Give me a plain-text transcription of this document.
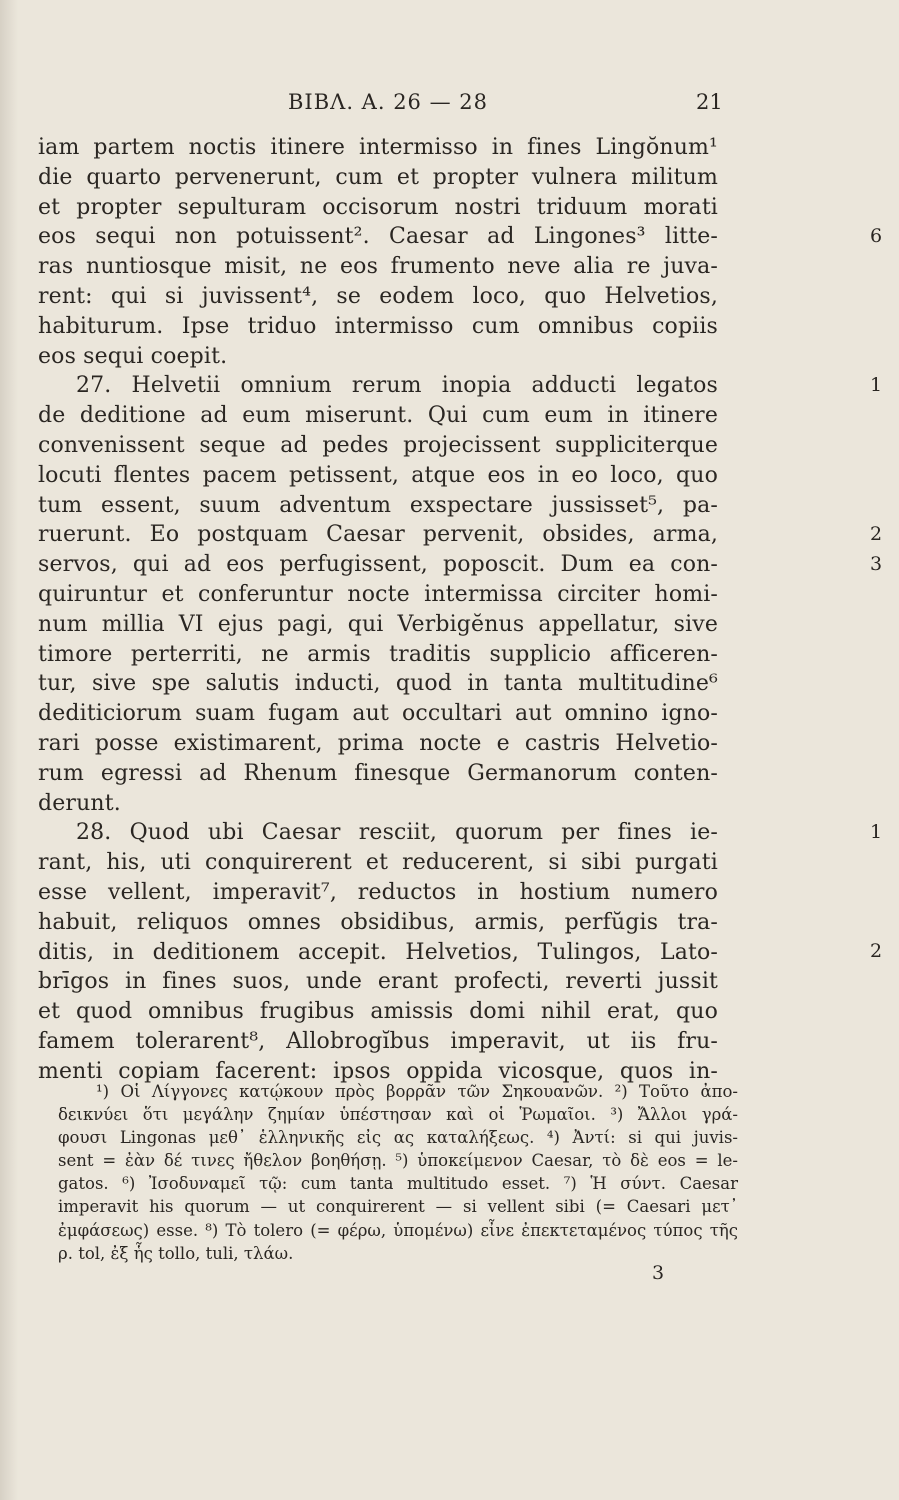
BIBΛ. A. 26 — 28	21
iam partem noctis itinere intermisso in fines Lingŏnum¹
die quarto pervenerunt, cum et propter vulnera militum
et propter sepulturam occisorum nostri triduum morati
eos sequi non potuissent². Caesar ad Lingones³ litte-
ras nuntiosque misit, ne eos frumento neve alia re juva-
rent: qui si juvissent⁴, se eodem loco, quo Helvetios,
habiturum. Ipse triduo intermisso cum omnibus copiis
eos sequi coepit.
27. Helvetii omnium rerum inopia adducti legatos
de deditione ad eum miserunt. Qui cum eum in itinere
convenissent seque ad pedes projecissent suppliciterque
locuti flentes pacem petissent, atque eos in eo loco, quo
tum essent, suum adventum exspectare jussisset⁵, pa-
ruerunt. Eo postquam Caesar pervenit, obsides, arma,
servos, qui ad eos perfugissent, poposcit. Dum ea con-
quiruntur et conferuntur nocte intermissa circiter homi-
num millia VI ejus pagi, qui Verbigĕnus appellatur, sive
timore perterriti, ne armis traditis supplicio afficeren-
tur, sive spe salutis inducti, quod in tanta multitudine⁶
dediticiorum suam fugam aut occultari aut omnino igno-
rari posse existimarent, prima nocte e castris Helvetio-
rum egressi ad Rhenum finesque Germanorum conten-
derunt.
28. Quod ubi Caesar resciit, quorum per fines ie-
rant, his, uti conquirerent et reducerent, si sibi purgati
esse vellent, imperavit⁷, reductos in hostium numero
habuit, reliquos omnes obsidibus, armis, perfŭgis tra-
ditis, in deditionem accepit. Helvetios, Tulingos, Lato-
brīgos in fines suos, unde erant profecti, reverti jussit
et quod omnibus frugibus amissis domi nihil erat, quo
famem tolerarent⁸, Allobrogĭbus imperavit, ut iis fru-
menti copiam facerent: ipsos oppida vicosque, quos in-
6
1
2
3
1
2
¹) Οἱ Λίγγονες κατῴκουν πρὸς βορρᾶν τῶν Σηκουανῶν. ²) Τοῦτο ἀπο-
δεικνύει ὅτι μεγάλην ζημίαν ὑπέστησαν καὶ οἱ Ῥωμαῖοι. ³) Ἄλλοι γρά-
φουσι Lingonas μεθ᾽ ἑλληνικῆς εἰς ας καταλήξεως. ⁴) Ἀντί: si qui juvis-
sent = ἐὰν δέ τινες ἤθελον βοηθήσῃ. ⁵) ὑποκείμενον Caesar, τὸ δὲ eos = le-
gatos. ⁶) Ἰσοδυναμεῖ τῷ: cum tanta multitudo esset. ⁷) Ἡ σύντ. Caesar
imperavit his quorum — ut conquirerent — si vellent sibi (= Caesari μετ᾽
ἐμφάσεως) esse. ⁸) Τὸ tolero (= φέρω, ὑπομένω) εἶνε ἐπεκτεταμένος τύπος τῆς
ρ. tol, ἐξ ἧς tollo, tuli, τλάω.
3
